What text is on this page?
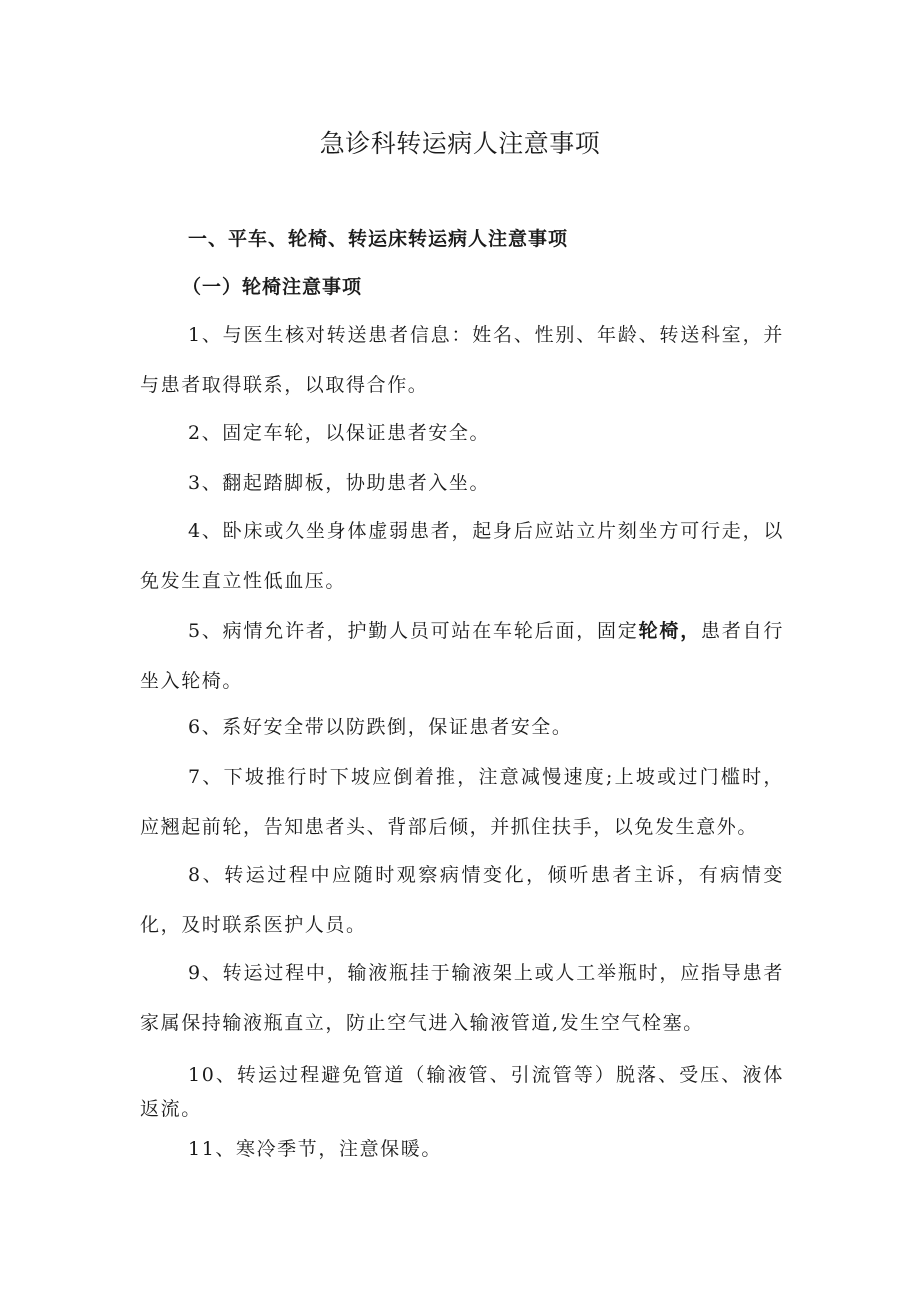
急诊科转运病人注意事项
一、平车、轮椅、转运床转运病人注意事项
（一）轮椅注意事项

1、与医生核对转送患者信息：姓名、性别、年龄、转送科室，并与患者取得联系，以取得合作。

2、固定车轮，以保证患者安全。

3、翻起踏脚板，协助患者入坐。

4、卧床或久坐身体虚弱患者，起身后应站立片刻坐方可行走，以免发生直立性低血压。

5、病情允许者，护勤人员可站在车轮后面，固定轮椅，患者自行坐入轮椅。

6、系好安全带以防跌倒，保证患者安全。

7、下坡推行时下坡应倒着推，注意减慢速度;上坡或过门槛时，应翘起前轮，告知患者头、背部后倾，并抓住扶手，以免发生意外。

8、转运过程中应随时观察病情变化，倾听患者主诉，有病情变化，及时联系医护人员。

9、转运过程中，输液瓶挂于输液架上或人工举瓶时，应指导患者家属保持输液瓶直立，防止空气进入输液管道,发生空气栓塞。

10、转运过程避免管道（输液管、引流管等）脱落、受压、液体返流。

11、寒冷季节，注意保暖。
